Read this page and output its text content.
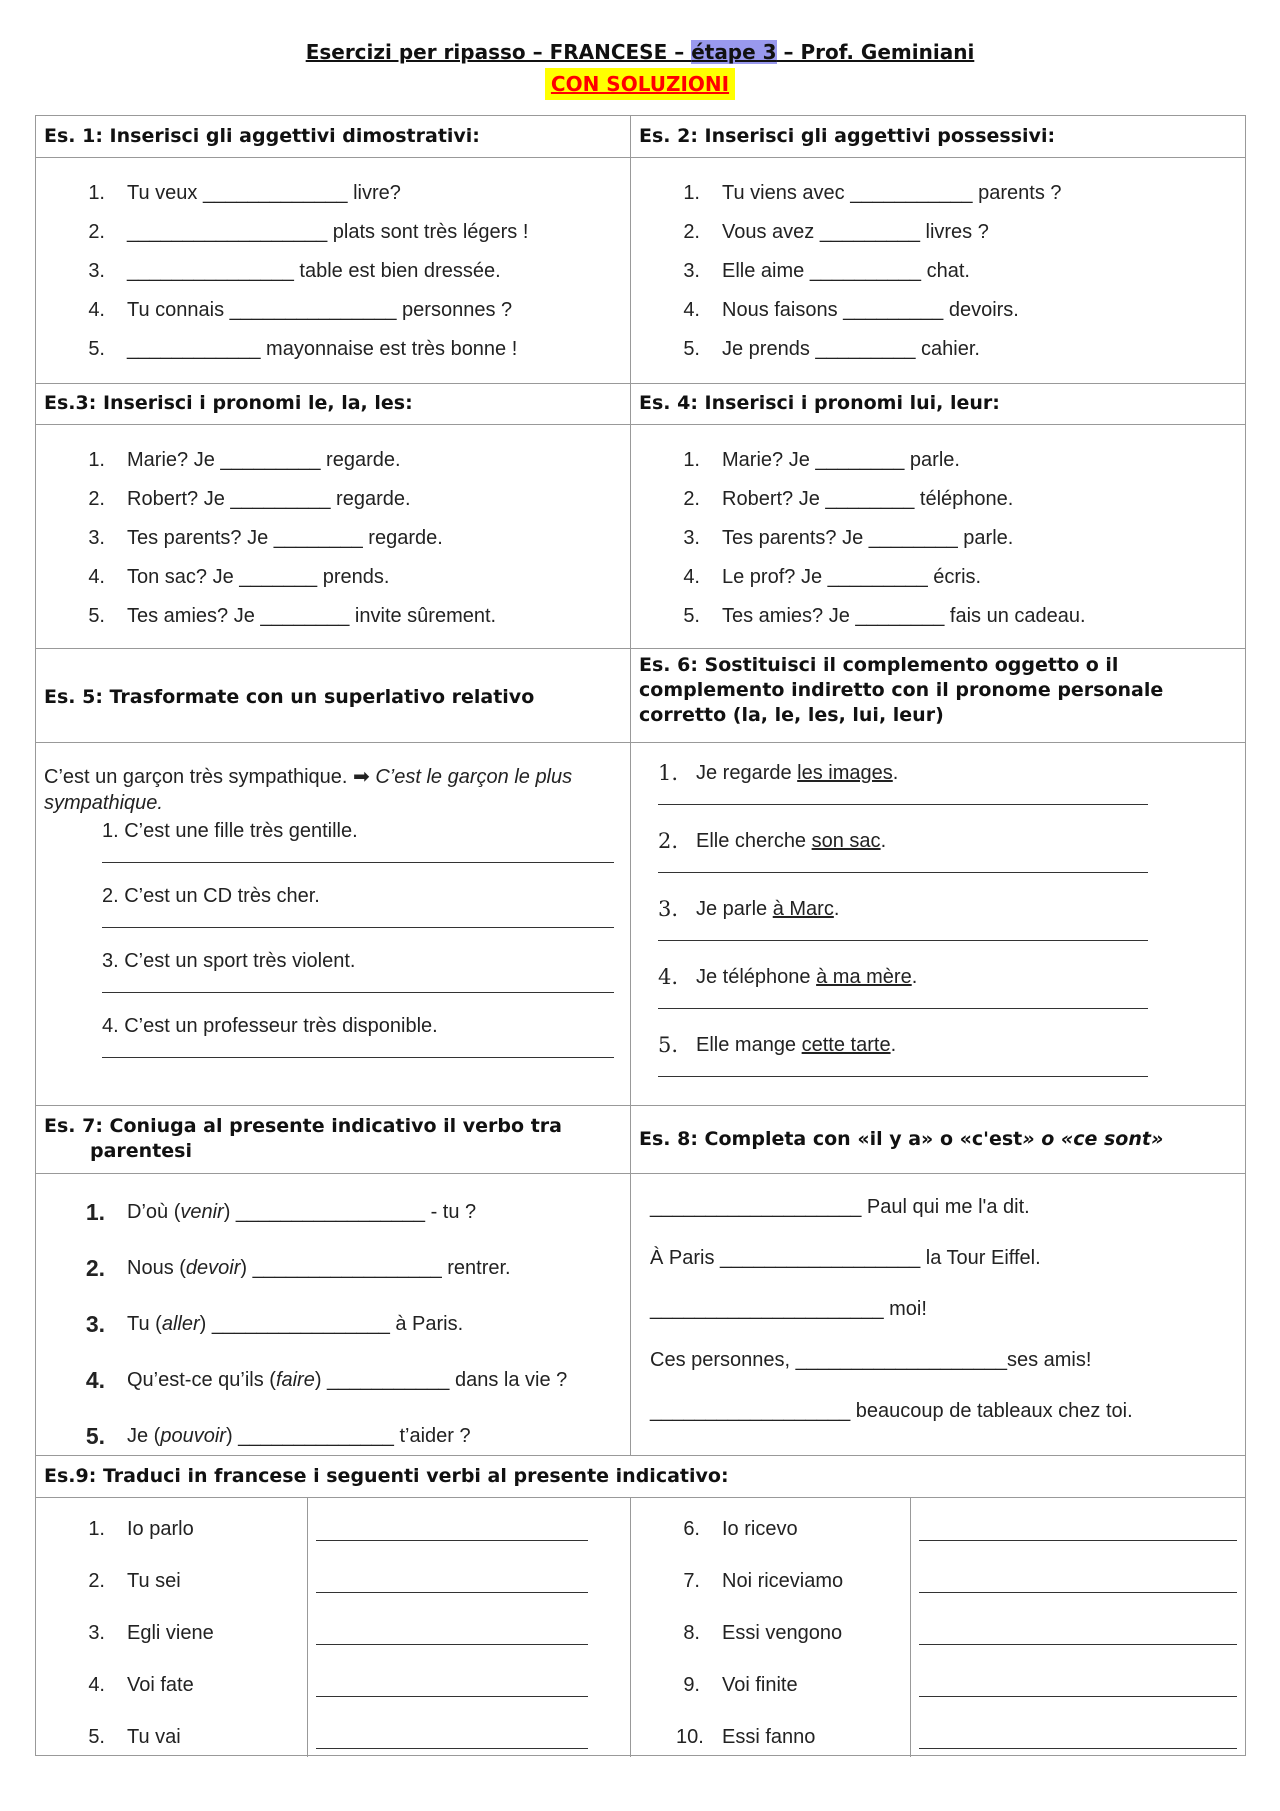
Esercizi per ripasso – FRANCESE – étape 3 – Prof. Geminiani
CON SOLUZIONI
Es. 1: Inserisci gli aggettivi dimostrativi:
1. Tu veux _____________ livre?
2. __________________ plats sont très légers !
3. _______________ table est bien dressée.
4. Tu connais _______________ personnes ?
5. ____________ mayonnaise est très bonne !
Es. 2: Inserisci gli aggettivi possessivi:
1. Tu viens avec ___________ parents ?
2. Vous avez _________ livres ?
3. Elle aime __________ chat.
4. Nous faisons _________ devoirs.
5. Je prends _________ cahier.
Es.3: Inserisci i pronomi le, la, les:
1. Marie? Je _________ regarde.
2. Robert? Je _________ regarde.
3. Tes parents? Je ________ regarde.
4. Ton sac? Je _______ prends.
5. Tes amies? Je ________ invite sûrement.
Es. 4: Inserisci i pronomi lui, leur:
1. Marie? Je ________ parle.
2. Robert? Je ________ téléphone.
3. Tes parents? Je ________ parle.
4. Le prof? Je _________ écris.
5. Tes amies? Je ________ fais un cadeau.
Es. 5: Trasformate con un superlativo relativo
C’est un garçon très sympathique. ➡ C’est le garçon le plus sympathique.
1. C’est une fille très gentille.
2. C’est un CD très cher.
3. C’est un sport très violent.
4. C’est un professeur très disponible.
Es. 6: Sostituisci il complemento oggetto o il complemento indiretto con il pronome personale corretto (la, le, les, lui, leur)
1. Je regarde les images.
2. Elle cherche son sac.
3. Je parle à Marc.
4. Je téléphone à ma mère.
5. Elle mange cette tarte.
Es. 7: Coniuga al presente indicativo il verbo tra parentesi
1. D’où (venir) _________________ - tu ?
2. Nous (devoir) _________________ rentrer.
3. Tu (aller) ________________ à Paris.
4. Qu’est-ce qu’ils (faire) ___________ dans la vie ?
5. Je (pouvoir) ______________ t’aider ?
Es. 8: Completa con «il y a» o «c'est» o «ce sont»
___________________ Paul qui me l'a dit.
À Paris __________________ la Tour Eiffel.
_____________________ moi!
Ces personnes, ___________________ses amis!
__________________ beaucoup de tableaux chez toi.
Es.9: Traduci in francese i seguenti verbi al presente indicativo:
1. Io parlo
2. Tu sei
3. Egli viene
4. Voi fate
5. Tu vai
6. Io ricevo
7. Noi riceviamo
8. Essi vengono
9. Voi finite
10. Essi fanno
